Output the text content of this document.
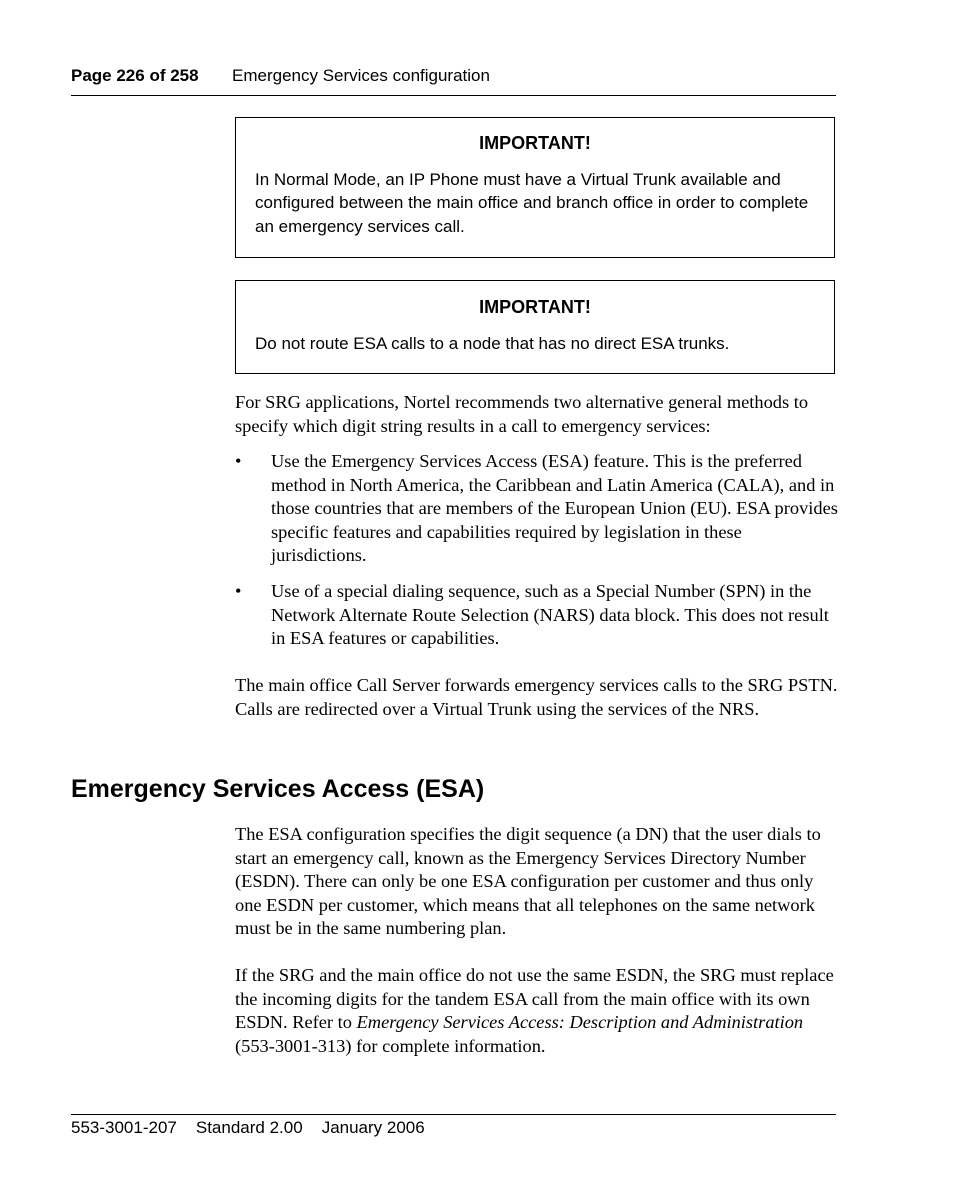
Page 226 of 258 Emergency Services configuration
IMPORTANT!
In Normal Mode, an IP Phone must have a Virtual Trunk available and configured between the main office and branch office in order to complete an emergency services call.
IMPORTANT!
Do not route ESA calls to a node that has no direct ESA trunks.
For SRG applications, Nortel recommends two alternative general methods to specify which digit string results in a call to emergency services:
• Use the Emergency Services Access (ESA) feature. This is the preferred method in North America, the Caribbean and Latin America (CALA), and in those countries that are members of the European Union (EU). ESA provides specific features and capabilities required by legislation in these jurisdictions.
• Use of a special dialing sequence, such as a Special Number (SPN) in the Network Alternate Route Selection (NARS) data block. This does not result in ESA features or capabilities.
The main office Call Server forwards emergency services calls to the SRG PSTN. Calls are redirected over a Virtual Trunk using the services of the NRS.
Emergency Services Access (ESA)
The ESA configuration specifies the digit sequence (a DN) that the user dials to start an emergency call, known as the Emergency Services Directory Number (ESDN). There can only be one ESA configuration per customer and thus only one ESDN per customer, which means that all telephones on the same network must be in the same numbering plan.
If the SRG and the main office do not use the same ESDN, the SRG must replace the incoming digits for the tandem ESA call from the main office with its own ESDN. Refer to Emergency Services Access: Description and Administration (553-3001-313) for complete information.
553-3001-207 Standard 2.00 January 2006
